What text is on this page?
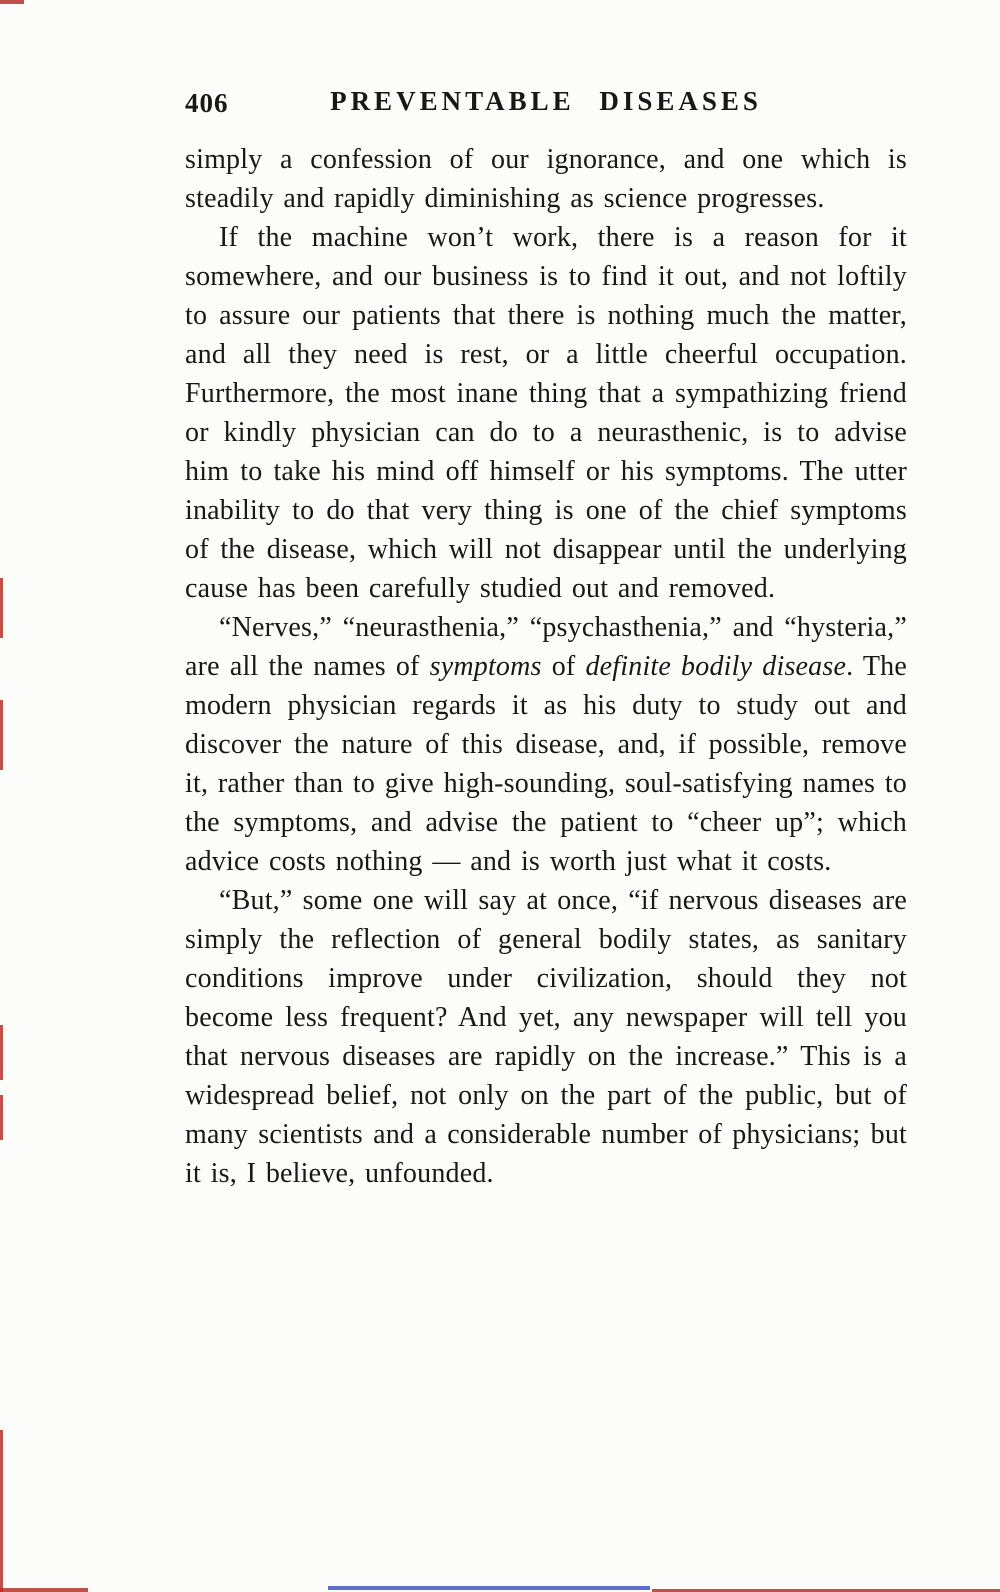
406	PREVENTABLE DISEASES

simply a confession of our ignorance, and one which is steadily and rapidly diminishing as science progresses.

If the machine won’t work, there is a reason for it somewhere, and our business is to find it out, and not loftily to assure our patients that there is nothing much the matter, and all they need is rest, or a little cheerful occupation. Furthermore, the most inane thing that a sympathizing friend or kindly physician can do to a neurasthenic, is to advise him to take his mind off himself or his symptoms. The utter inability to do that very thing is one of the chief symptoms of the disease, which will not disappear until the underlying cause has been carefully studied out and removed.

“Nerves,” “neurasthenia,” “psychasthenia,” and “hysteria,” are all the names of symptoms of definite bodily disease. The modern physician regards it as his duty to study out and discover the nature of this disease, and, if possible, remove it, rather than to give high-sounding, soul-satisfying names to the symptoms, and advise the patient to “cheer up”; which advice costs nothing — and is worth just what it costs.

“But,” some one will say at once, “if nervous diseases are simply the reflection of general bodily states, as sanitary conditions improve under civilization, should they not become less frequent? And yet, any newspaper will tell you that nervous diseases are rapidly on the increase.” This is a widespread belief, not only on the part of the public, but of many scientists and a considerable number of physicians; but it is, I believe, unfounded.
